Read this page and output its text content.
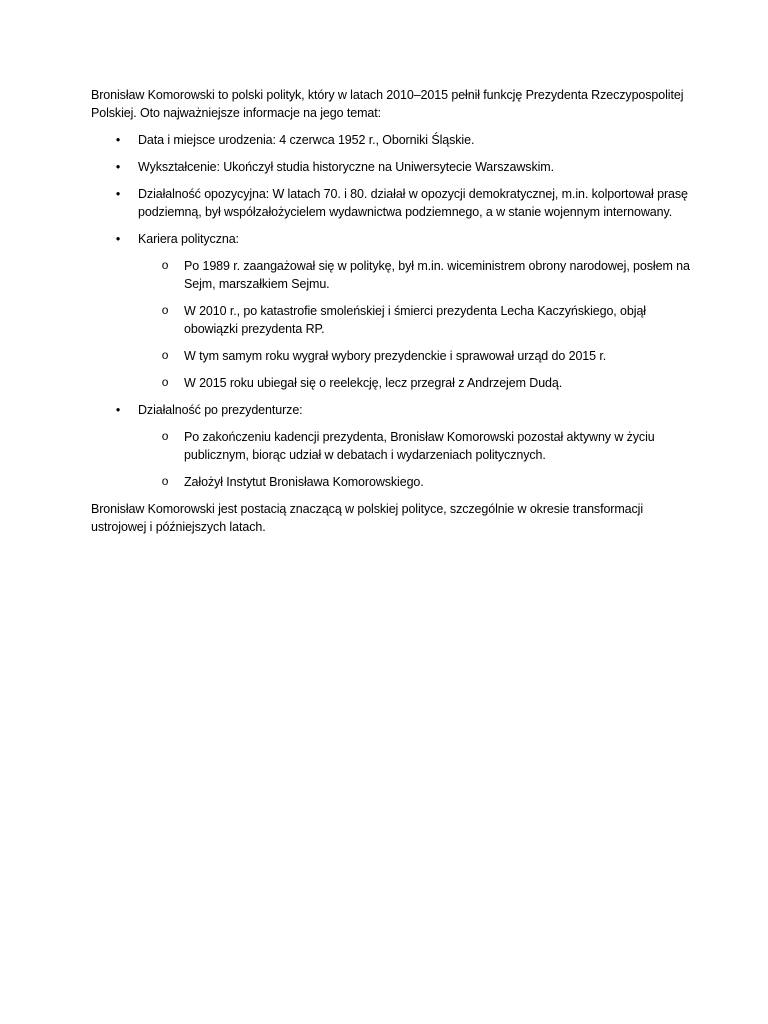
Bronisław Komorowski to polski polityk, który w latach 2010–2015 pełnił funkcję Prezydenta Rzeczypospolitej Polskiej. Oto najważniejsze informacje na jego temat:

• Data i miejsce urodzenia: 4 czerwca 1952 r., Oborniki Śląskie.
• Wykształcenie: Ukończył studia historyczne na Uniwersytecie Warszawskim.
• Działalność opozycyjna: W latach 70. i 80. działał w opozycji demokratycznej, m.in. kolportował prasę podziemną, był współzałożycielem wydawnictwa podziemnego, a w stanie wojennym internowany.
• Kariera polityczna:
o Po 1989 r. zaangażował się w politykę, był m.in. wiceministrem obrony narodowej, posłem na Sejm, marszałkiem Sejmu.
o W 2010 r., po katastrofie smoleńskiej i śmierci prezydenta Lecha Kaczyńskiego, objął obowiązki prezydenta RP.
o W tym samym roku wygrał wybory prezydenckie i sprawował urząd do 2015 r.
o W 2015 roku ubiegał się o reelekcję, lecz przegrał z Andrzejem Dudą.
• Działalność po prezydenturze:
o Po zakończeniu kadencji prezydenta, Bronisław Komorowski pozostał aktywny w życiu publicznym, biorąc udział w debatach i wydarzeniach politycznych.
o Założył Instytut Bronisława Komorowskiego.

Bronisław Komorowski jest postacią znaczącą w polskiej polityce, szczególnie w okresie transformacji ustrojowej i późniejszych latach.
